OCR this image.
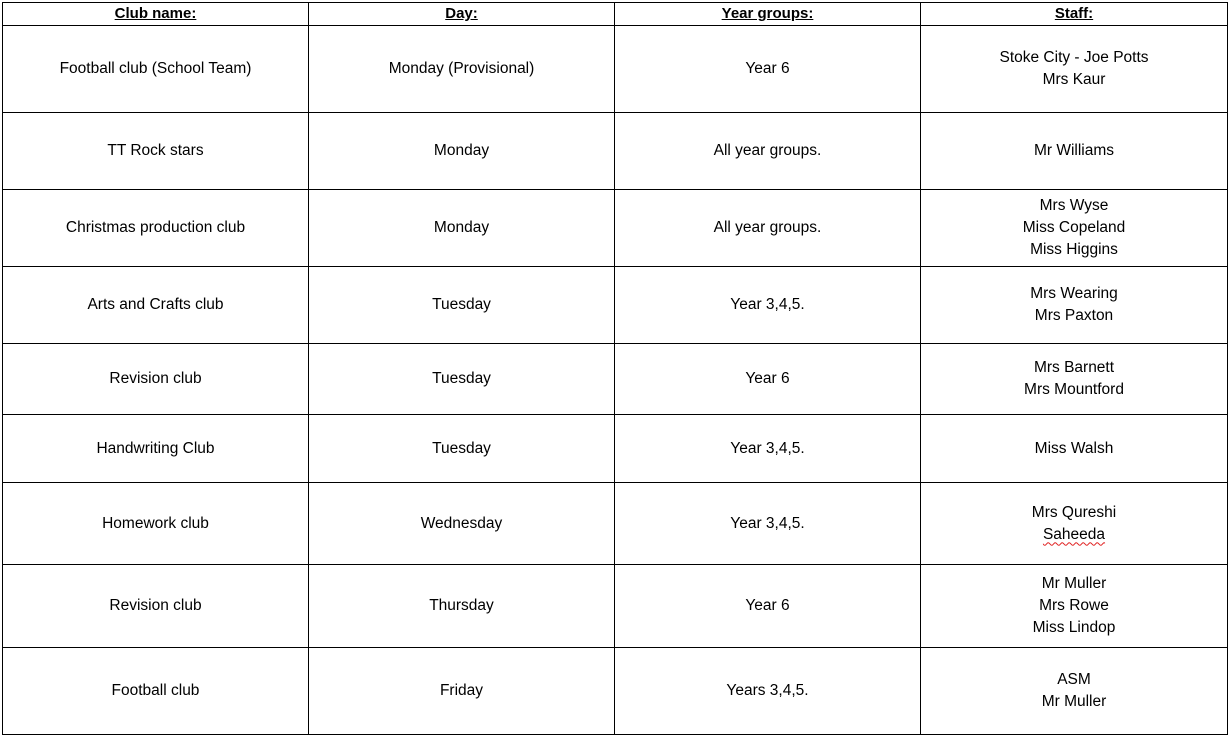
Club name:	Day:	Year groups:	Staff:
Football club (School Team)	Monday (Provisional)	Year 6	Stoke City - Joe Potts
Mrs Kaur

TT Rock stars	Monday	All year groups.	Mr Williams

Christmas production club	Monday	All year groups.	Mrs Wyse
Miss Copeland
Miss Higgins

Arts and Crafts club	Tuesday	Year 3,4,5.	Mrs Wearing
Mrs Paxton

Revision club	Tuesday	Year 6	Mrs Barnett
Mrs Mountford

Handwriting Club	Tuesday	Year 3,4,5.	Miss Walsh

Homework club	Wednesday	Year 3,4,5.	Mrs Qureshi
Saheeda

Revision club	Thursday	Year 6	Mr Muller
Mrs Rowe
Miss Lindop

Football club	Friday	Years 3,4,5.	ASM
Mr Muller
